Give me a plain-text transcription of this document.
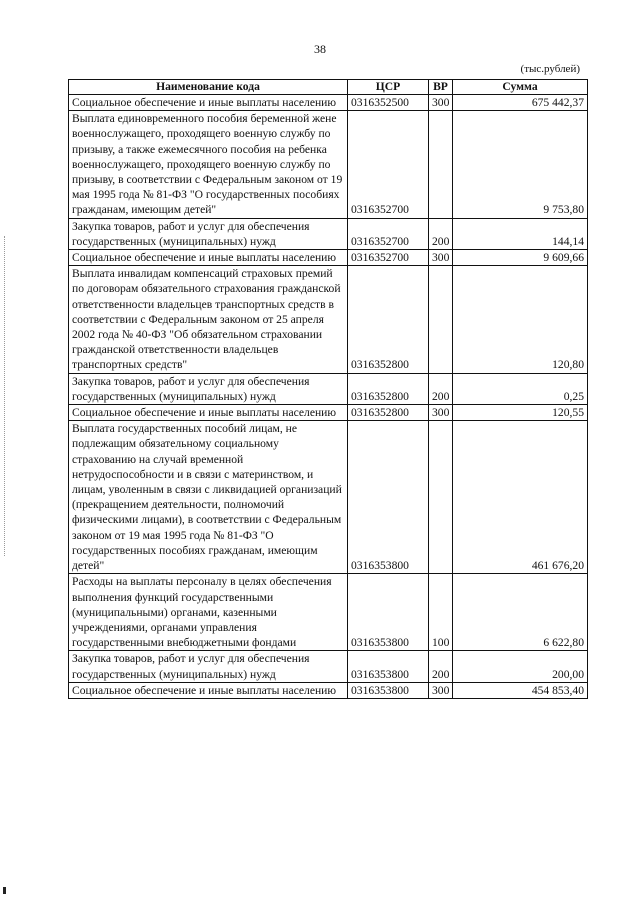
38
(тыс.рублей)
Наименование кода	ЦСР	ВР	Сумма
Социальное обеспечение и иные выплаты населению	0316352500	300	675 442,37
Выплата единовременного пособия беременной жене военнослужащего, проходящего военную службу по призыву, а также ежемесячного пособия на ребенка военнослужащего, проходящего военную службу по призыву, в соответствии с Федеральным законом от 19 мая 1995 года № 81-ФЗ "О государственных пособиях гражданам, имеющим детей"	0316352700		9 753,80
Закупка товаров, работ и услуг для обеспечения государственных (муниципальных) нужд	0316352700	200	144,14
Социальное обеспечение и иные выплаты населению	0316352700	300	9 609,66
Выплата инвалидам компенсаций страховых премий по договорам обязательного страхования гражданской ответственности владельцев транспортных средств в соответствии с Федеральным законом от 25 апреля 2002 года № 40-ФЗ "Об обязательном страховании гражданской ответственности владельцев транспортных средств"	0316352800		120,80
Закупка товаров, работ и услуг для обеспечения государственных (муниципальных) нужд	0316352800	200	0,25
Социальное обеспечение и иные выплаты населению	0316352800	300	120,55
Выплата государственных пособий лицам, не подлежащим обязательному социальному страхованию на случай временной нетрудоспособности и в связи с материнством, и лицам, уволенным в связи с ликвидацией организаций (прекращением деятельности, полномочий физическими лицами), в соответствии с Федеральным законом от 19 мая 1995 года № 81-ФЗ "О государственных пособиях гражданам, имеющим детей"	0316353800		461 676,20
Расходы на выплаты персоналу в целях обеспечения выполнения функций государственными (муниципальными) органами, казенными учреждениями, органами управления государственными внебюджетными фондами	0316353800	100	6 622,80
Закупка товаров, работ и услуг для обеспечения государственных (муниципальных) нужд	0316353800	200	200,00
Социальное обеспечение и иные выплаты населению	0316353800	300	454 853,40
